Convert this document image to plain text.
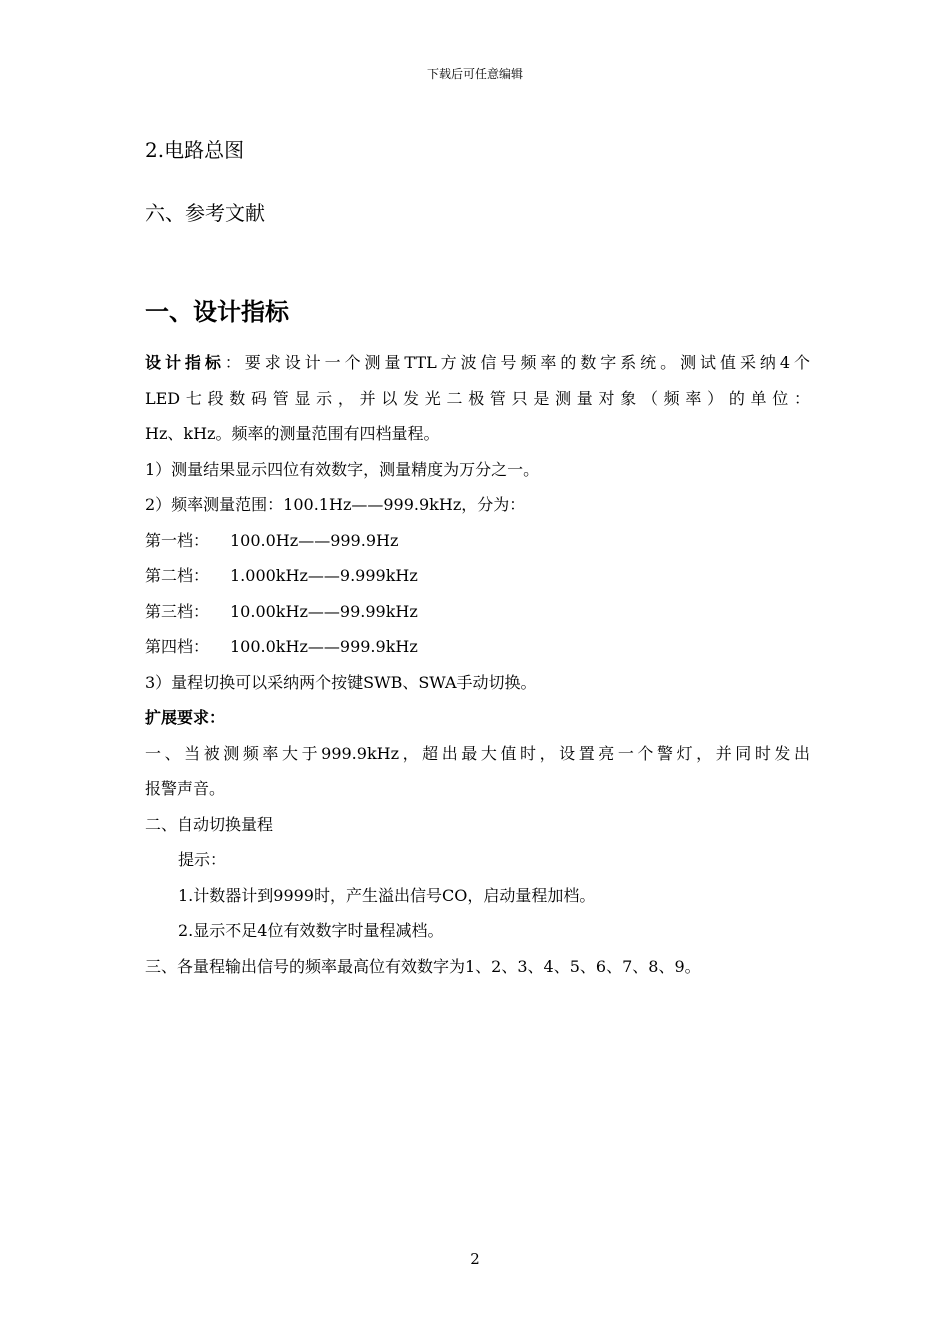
下载后可任意编辑
2.电路总图
六、参考文献
一、设计指标
设计指标：要求设计一个测量TTL方波信号频率的数字系统。测试值采纳4个
LED七段数码管显示，并以发光二极管只是测量对象（频率）的单位：
Hz、kHz。频率的测量范围有四档量程。
1）测量结果显示四位有效数字，测量精度为万分之一。
2）频率测量范围：100.1Hz——999.9kHz，分为：
第一档： 100.0Hz——999.9Hz
第二档： 1.000kHz——9.999kHz
第三档： 10.00kHz——99.99kHz
第四档： 100.0kHz——999.9kHz
3）量程切换可以采纳两个按键SWB、SWA手动切换。
扩展要求：
一、当被测频率大于999.9kHz，超出最大值时，设置亮一个警灯，并同时发出
报警声音。
二、自动切换量程
提示：
1.计数器计到9999时，产生溢出信号CO，启动量程加档。
2.显示不足4位有效数字时量程减档。
三、各量程输出信号的频率最高位有效数字为1、2、3、4、5、6、7、8、9。
2
